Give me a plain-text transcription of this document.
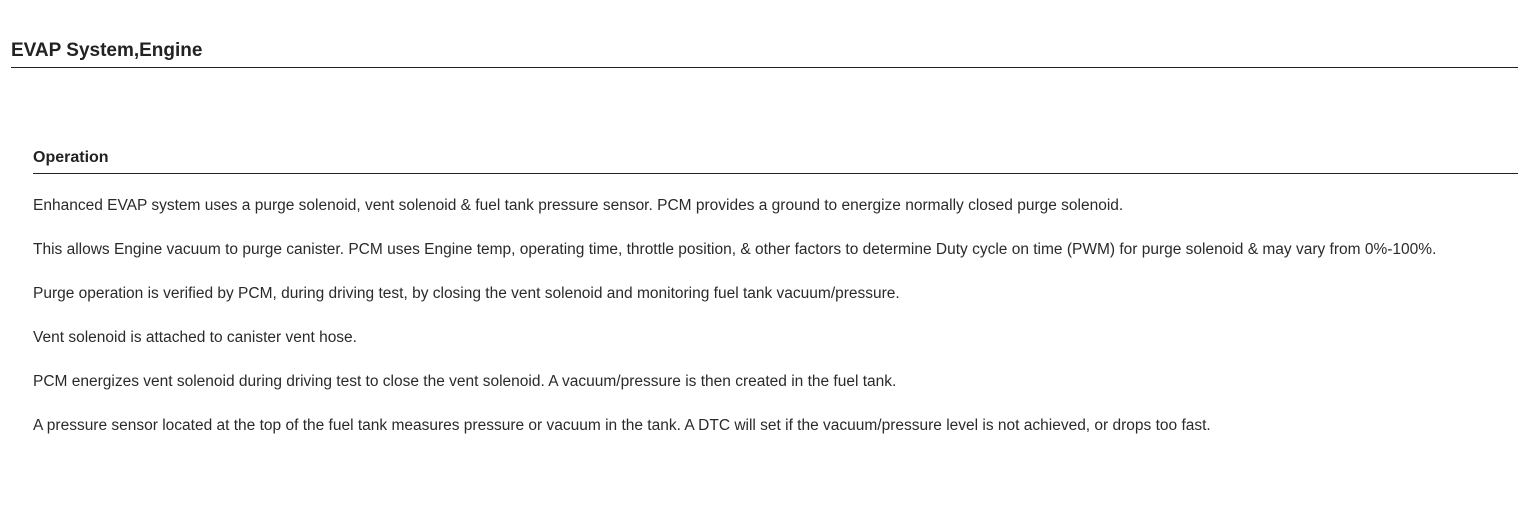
EVAP System,Engine
Operation

Enhanced EVAP system uses a purge solenoid, vent solenoid & fuel tank pressure sensor. PCM provides a ground to energize normally closed purge solenoid.

This allows Engine vacuum to purge canister. PCM uses Engine temp, operating time, throttle position, & other factors to determine Duty cycle on time (PWM) for purge solenoid & may vary from 0%-100%.

Purge operation is verified by PCM, during driving test, by closing the vent solenoid and monitoring fuel tank vacuum/pressure.

Vent solenoid is attached to canister vent hose.

PCM energizes vent solenoid during driving test to close the vent solenoid. A vacuum/pressure is then created in the fuel tank.

A pressure sensor located at the top of the fuel tank measures pressure or vacuum in the tank. A DTC will set if the vacuum/pressure level is not achieved, or drops too fast.
